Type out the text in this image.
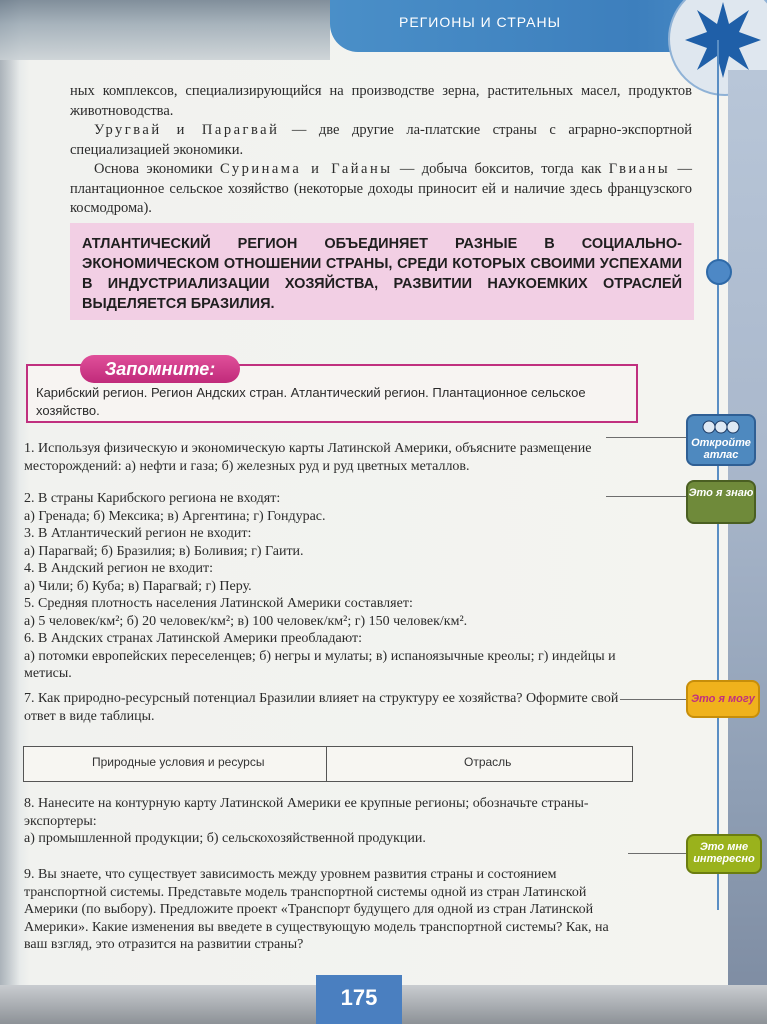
РЕГИОНЫ И СТРАНЫ

ных комплексов, специализирующийся на производстве зерна, растительных масел, продуктов животноводства.

Уругвай и Парагвай — две другие ла-платские страны с аграрно-экспортной специализацией экономики.

Основа экономики Суринама и Гайаны — добыча бокситов, тогда как Гвианы — плантационное сельское хозяйство (некоторые доходы приносит ей и наличие здесь французского космодрома).

АТЛАНТИЧЕСКИЙ РЕГИОН ОБЪЕДИНЯЕТ РАЗНЫЕ В СОЦИАЛЬНО-ЭКОНОМИЧЕСКОМ ОТНОШЕНИИ СТРАНЫ, СРЕДИ КОТОРЫХ СВОИМИ УСПЕХАМИ В ИНДУСТРИАЛИЗАЦИИ ХОЗЯЙСТВА, РАЗВИТИИ НАУКОЕМКИХ ОТРАСЛЕЙ ВЫДЕЛЯЕТСЯ БРАЗИЛИЯ.
Запомните:
Карибский регион. Регион Андских стран. Атлантический регион. Плантационное сельское хозяйство.
1. Используя физическую и экономическую карты Латинской Америки, объясните размещение месторождений: а) нефти и газа; б) железных руд и руд цветных металлов.

2. В страны Карибского региона не входят:

а) Гренада; б) Мексика; в) Аргентина; г) Гондурас.

3. В Атлантический регион не входит:

а) Парагвай; б) Бразилия; в) Боливия; г) Гаити.

4. В Андский регион не входит:

а) Чили; б) Куба; в) Парагвай; г) Перу.

5. Средняя плотность населения Латинской Америки составляет:

а) 5 человек/км²; б) 20 человек/км²; в) 100 человек/км²; г) 150 человек/км².

6. В Андских странах Латинской Америки преобладают:

а) потомки европейских переселенцев; б) негры и мулаты; в) испаноязычные креолы; г) индейцы и метисы.

7. Как природно-ресурсный потенциал Бразилии влияет на структуру ее хозяйства? Оформите свой ответ в виде таблицы.
Природные условия и ресурсы	Отрасль

8. Нанесите на контурную карту Латинской Америки ее крупные регионы; обозначьте страны-экспортеры:

а) промышленной продукции; б) сельскохозяйственной продукции.

9. Вы знаете, что существует зависимость между уровнем развития страны и состоянием транспортной системы. Представьте модель транспортной системы одной из стран Латинской Америки (по выбору). Предложите проект «Транспорт будущего для одной из стран Латинской Америки». Какие изменения вы введете в существующую модель транспортной системы? Как, на ваш взгляд, это отразится на развитии страны?
Откройте атлас
Это я знаю
Это я могу
Это мне интересно
175
